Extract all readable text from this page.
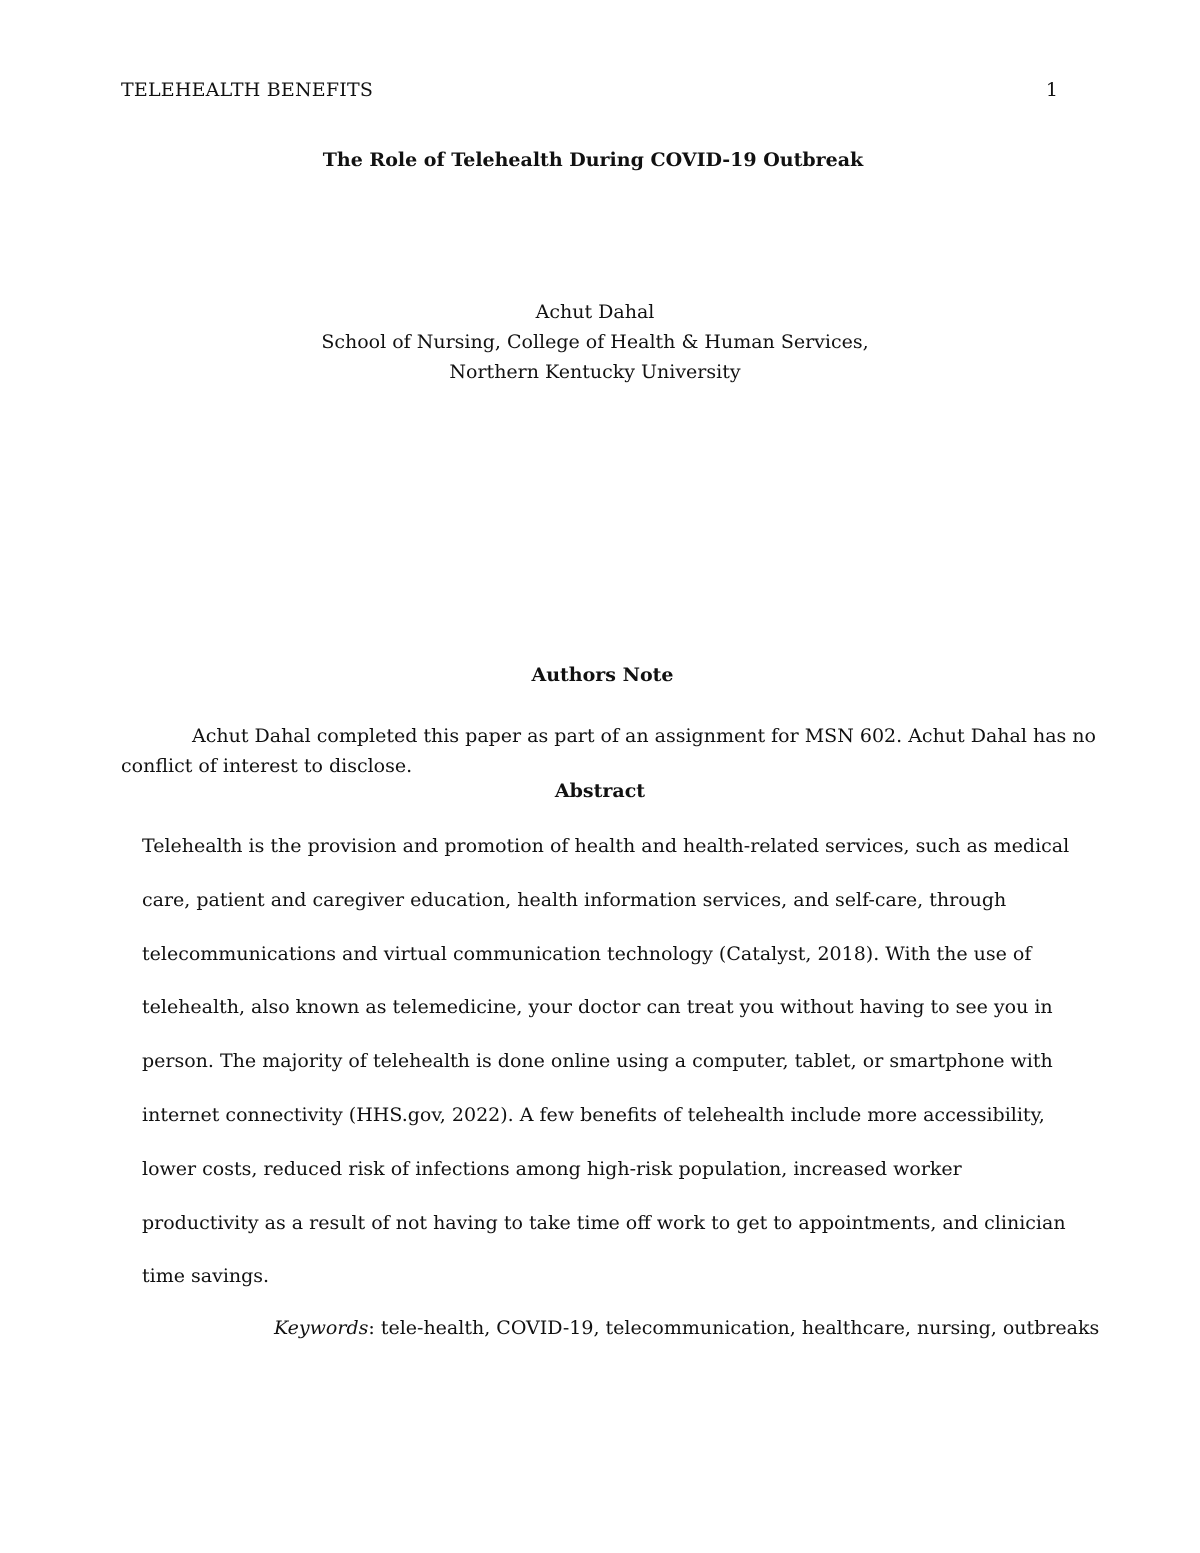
TELEHEALTH BENEFITS	1
The Role of Telehealth During COVID-19 Outbreak
Achut Dahal
School of Nursing, College of Health & Human Services,
Northern Kentucky University
Authors Note
Achut Dahal completed this paper as part of an assignment for MSN 602. Achut Dahal has no conflict of interest to disclose.
Abstract
Telehealth is the provision and promotion of health and health-related services, such as medical
care, patient and caregiver education, health information services, and self-care, through
telecommunications and virtual communication technology (Catalyst, 2018). With the use of
telehealth, also known as telemedicine, your doctor can treat you without having to see you in
person. The majority of telehealth is done online using a computer, tablet, or smartphone with
internet connectivity (HHS.gov, 2022). A few benefits of telehealth include more accessibility,
lower costs, reduced risk of infections among high-risk population, increased worker
productivity as a result of not having to take time off work to get to appointments, and clinician
time savings.
Keywords: tele-health, COVID-19, telecommunication, healthcare, nursing, outbreaks
